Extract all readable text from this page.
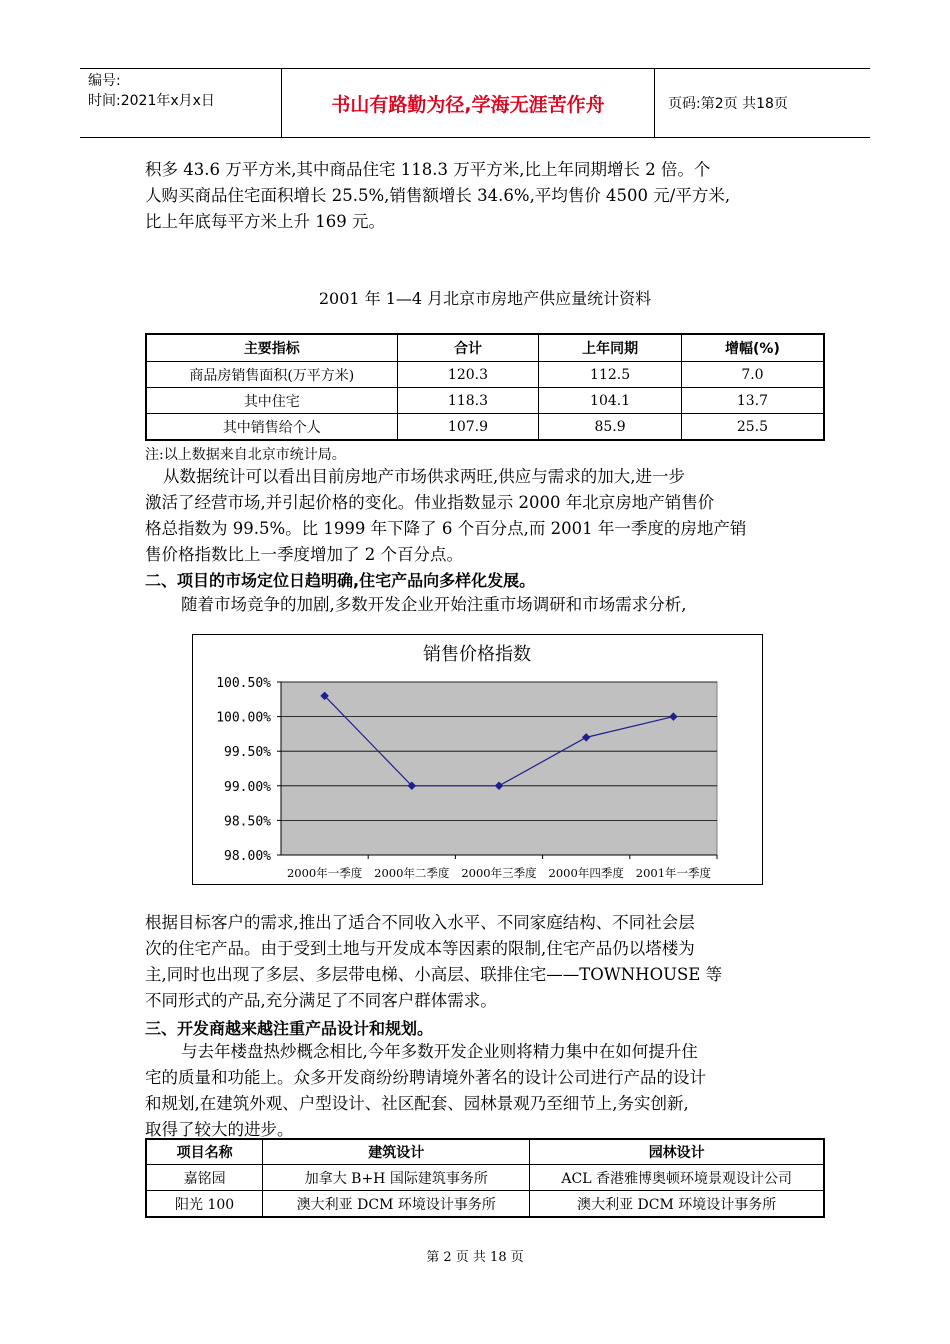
编号:
时间:2021年x月x日	书山有路勤为径,学海无涯苦作舟	页码:第2页 共18页

积多 43.6 万平方米,其中商品住宅 118.3 万平方米,比上年同期增长 2 倍。个

人购买商品住宅面积增长 25.5%,销售额增长 34.6%,平均售价 4500 元/平方米,

比上年底每平方米上升 169 元。

2001 年 1—4 月北京市房地产供应量统计资料
主要指标	合计	上年同期	增幅(%)
商品房销售面积(万平方米)	120.3	112.5	7.0
其中住宅	118.3	104.1	13.7
其中销售给个人	107.9	85.9	25.5
注:以上数据来自北京市统计局。

从数据统计可以看出目前房地产市场供求两旺,供应与需求的加大,进一步

激活了经营市场,并引起价格的变化。伟业指数显示 2000 年北京房地产销售价

格总指数为 99.5%。比 1999 年下降了 6 个百分点,而 2001 年一季度的房地产销

售价格指数比上一季度增加了 2 个百分点。

二、项目的市场定位日趋明确,住宅产品向多样化发展。
随着市场竞争的加剧,多数开发企业开始注重市场调研和市场需求分析,
销售价格指数
98.00%
98.50%
99.00%
99.50%
100.00%
100.50%
2000年一季度 2000年二季度 2000年三季度 2000年四季度 2001年一季度

根据目标客户的需求,推出了适合不同收入水平、不同家庭结构、不同社会层

次的住宅产品。由于受到土地与开发成本等因素的限制,住宅产品仍以塔楼为

主,同时也出现了多层、多层带电梯、小高层、联排住宅——TOWNHOUSE 等

不同形式的产品,充分满足了不同客户群体需求。

三、开发商越来越注重产品设计和规划。

与去年楼盘热炒概念相比,今年多数开发企业则将精力集中在如何提升住

宅的质量和功能上。众多开发商纷纷聘请境外著名的设计公司进行产品的设计

和规划,在建筑外观、户型设计、社区配套、园林景观乃至细节上,务实创新,

取得了较大的进步。

项目名称	建筑设计	园林设计
嘉铭园	加拿大 B+H 国际建筑事务所	ACL 香港雅博奥顿环境景观设计公司
阳光 100	澳大利亚 DCM 环境设计事务所	澳大利亚 DCM 环境设计事务所
第 2 页 共 18 页
